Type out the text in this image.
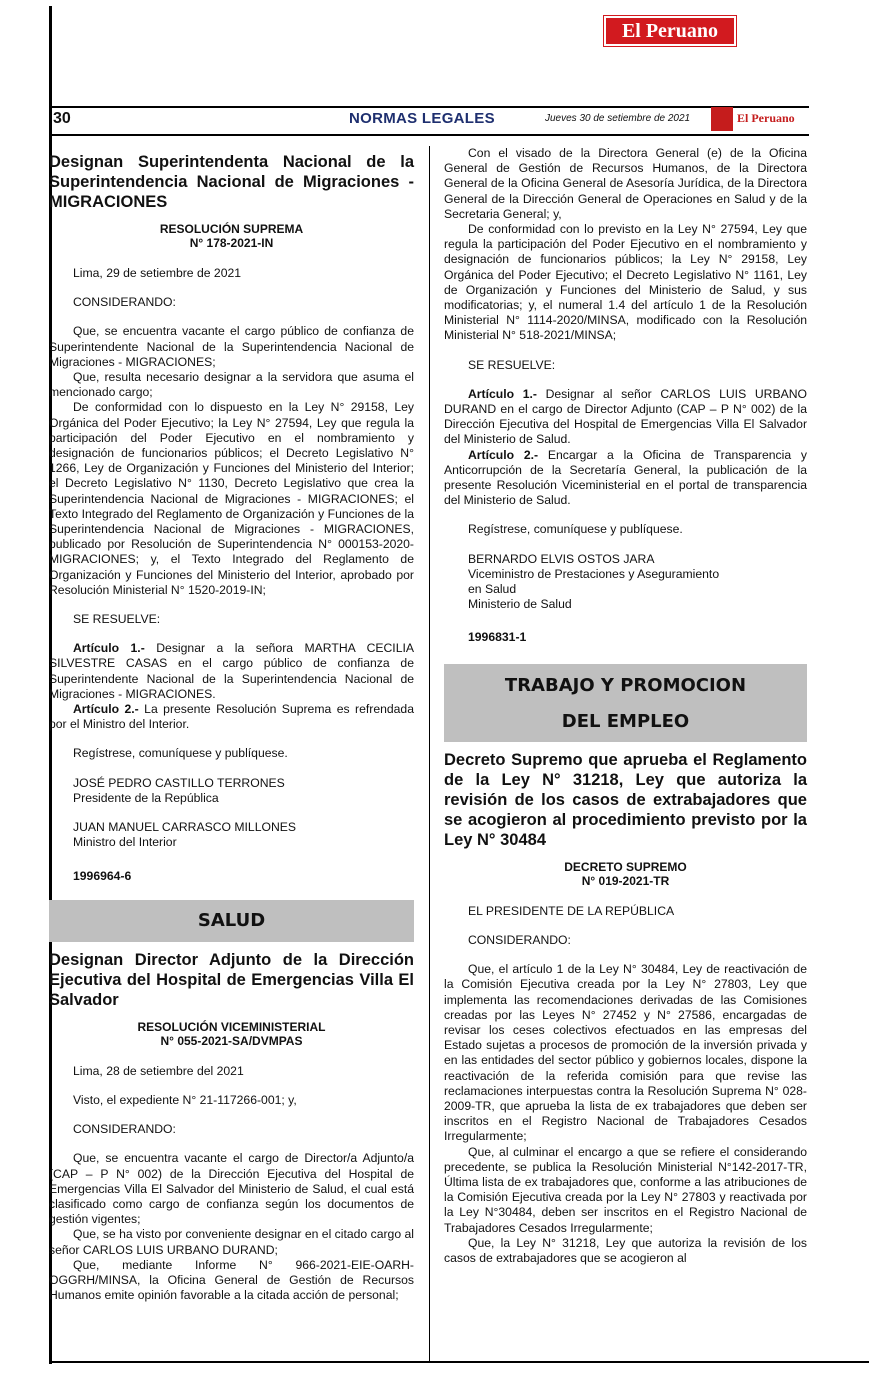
El Peruano
30	NORMAS LEGALES	Jueves 30 de setiembre de 2021	El Peruano
Designan Superintendenta Nacional de la Superintendencia Nacional de Migraciones - MIGRACIONES
RESOLUCIÓN SUPREMA
N° 178-2021-IN

Lima, 29 de setiembre de 2021

CONSIDERANDO:

Que, se encuentra vacante el cargo público de confianza de Superintendente Nacional de la Superintendencia Nacional de Migraciones - MIGRACIONES;

Que, resulta necesario designar a la servidora que asuma el mencionado cargo;

De conformidad con lo dispuesto en la Ley N° 29158, Ley Orgánica del Poder Ejecutivo; la Ley N° 27594, Ley que regula la participación del Poder Ejecutivo en el nombramiento y designación de funcionarios públicos; el Decreto Legislativo N° 1266, Ley de Organización y Funciones del Ministerio del Interior; el Decreto Legislativo N° 1130, Decreto Legislativo que crea la Superintendencia Nacional de Migraciones - MIGRACIONES; el Texto Integrado del Reglamento de Organización y Funciones de la Superintendencia Nacional de Migraciones - MIGRACIONES, publicado por Resolución de Superintendencia N° 000153-2020-MIGRACIONES; y, el Texto Integrado del Reglamento de Organización y Funciones del Ministerio del Interior, aprobado por Resolución Ministerial N° 1520-2019-IN;

SE RESUELVE:

Artículo 1.- Designar a la señora MARTHA CECILIA SILVESTRE CASAS en el cargo público de confianza de Superintendente Nacional de la Superintendencia Nacional de Migraciones - MIGRACIONES.

Artículo 2.- La presente Resolución Suprema es refrendada por el Ministro del Interior.

Regístrese, comuníquese y publíquese.

JOSÉ PEDRO CASTILLO TERRONES

Presidente de la República

JUAN MANUEL CARRASCO MILLONES

Ministro del Interior

1996964-6

SALUD
Designan Director Adjunto de la Dirección Ejecutiva del Hospital de Emergencias Villa El Salvador
RESOLUCIÓN VICEMINISTERIAL
N° 055-2021-SA/DVMPAS

Lima, 28 de setiembre del 2021

Visto, el expediente N° 21-117266-001; y,

CONSIDERANDO:

Que, se encuentra vacante el cargo de Director/a Adjunto/a (CAP – P N° 002) de la Dirección Ejecutiva del Hospital de Emergencias Villa El Salvador del Ministerio de Salud, el cual está clasificado como cargo de confianza según los documentos de gestión vigentes;

Que, se ha visto por conveniente designar en el citado cargo al señor CARLOS LUIS URBANO DURAND;

Que, mediante Informe N° 966-2021-EIE-OARH-OGGRH/MINSA, la Oficina General de Gestión de Recursos Humanos emite opinión favorable a la citada acción de personal;

Con el visado de la Directora General (e) de la Oficina General de Gestión de Recursos Humanos, de la Directora General de la Oficina General de Asesoría Jurídica, de la Directora General de la Dirección General de Operaciones en Salud y de la Secretaria General; y,

De conformidad con lo previsto en la Ley N° 27594, Ley que regula la participación del Poder Ejecutivo en el nombramiento y designación de funcionarios públicos; la Ley N° 29158, Ley Orgánica del Poder Ejecutivo; el Decreto Legislativo N° 1161, Ley de Organización y Funciones del Ministerio de Salud, y sus modificatorias; y, el numeral 1.4 del artículo 1 de la Resolución Ministerial N° 1114-2020/MINSA, modificado con la Resolución Ministerial N° 518-2021/MINSA;

SE RESUELVE:

Artículo 1.- Designar al señor CARLOS LUIS URBANO DURAND en el cargo de Director Adjunto (CAP – P N° 002) de la Dirección Ejecutiva del Hospital de Emergencias Villa El Salvador del Ministerio de Salud.

Artículo 2.- Encargar a la Oficina de Transparencia y Anticorrupción de la Secretaría General, la publicación de la presente Resolución Viceministerial en el portal de transparencia del Ministerio de Salud.

Regístrese, comuníquese y publíquese.

BERNARDO ELVIS OSTOS JARA

Viceministro de Prestaciones y Aseguramiento

en Salud

Ministerio de Salud

1996831-1

TRABAJO Y PROMOCION
DEL EMPLEO
Decreto Supremo que aprueba el Reglamento de la Ley N° 31218, Ley que autoriza la revisión de los casos de extrabajadores que se acogieron al procedimiento previsto por la Ley N° 30484
DECRETO SUPREMO
N° 019-2021-TR

EL PRESIDENTE DE LA REPÚBLICA

CONSIDERANDO:

Que, el artículo 1 de la Ley N° 30484, Ley de reactivación de la Comisión Ejecutiva creada por la Ley N° 27803, Ley que implementa las recomendaciones derivadas de las Comisiones creadas por las Leyes N° 27452 y N° 27586, encargadas de revisar los ceses colectivos efectuados en las empresas del Estado sujetas a procesos de promoción de la inversión privada y en las entidades del sector público y gobiernos locales, dispone la reactivación de la referida comisión para que revise las reclamaciones interpuestas contra la Resolución Suprema N° 028-2009-TR, que aprueba la lista de ex trabajadores que deben ser inscritos en el Registro Nacional de Trabajadores Cesados Irregularmente;

Que, al culminar el encargo a que se refiere el considerando precedente, se publica la Resolución Ministerial N°142-2017-TR, Última lista de ex trabajadores que, conforme a las atribuciones de la Comisión Ejecutiva creada por la Ley N° 27803 y reactivada por la Ley N°30484, deben ser inscritos en el Registro Nacional de Trabajadores Cesados Irregularmente;

Que, la Ley N° 31218, Ley que autoriza la revisión de los casos de extrabajadores que se acogieron al
